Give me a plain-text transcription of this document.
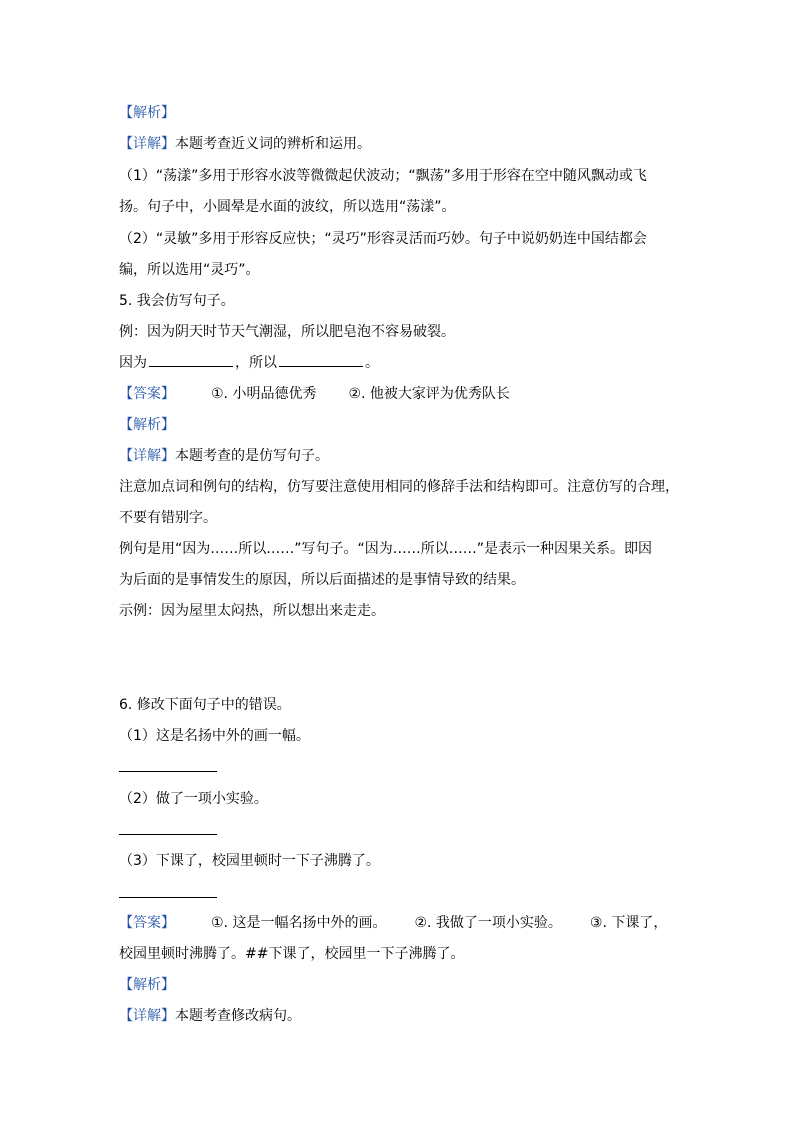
【解析】
【详解】本题考查近义词的辨析和运用。
（1）“荡漾”多用于形容水波等微微起伏波动；“飘荡”多用于形容在空中随风飘动或飞
扬。句子中，小圆晕是水面的波纹，所以选用“荡漾”。
（2）“灵敏”多用于形容反应快；“灵巧”形容灵活而巧妙。句子中说奶奶连中国结都会
编，所以选用“灵巧”。
5. 我会仿写句子。
例：因为阴天时节天气潮湿，所以肥皂泡不容易破裂。
因为	，所以	。
【答案】	①. 小明品德优秀 ②. 他被大家评为优秀队长
【解析】
【详解】本题考查的是仿写句子。
注意加点词和例句的结构，仿写要注意使用相同的修辞手法和结构即可。注意仿写的合理，
不要有错别字。
例句是用“因为……所以……”写句子。“因为……所以……”是表示一种因果关系。即因
为后面的是事情发生的原因，所以后面描述的是事情导致的结果。
示例：因为屋里太闷热，所以想出来走走。
6. 修改下面句子中的错误。
（1）这是名扬中外的画一幅。
（2）做了一项小实验。
（3）下课了，校园里顿时一下子沸腾了。
【答案】	①. 这是一幅名扬中外的画。 ②. 我做了一项小实验。 ③. 下课了，
校园里顿时沸腾了。##下课了，校园里一下子沸腾了。
【解析】
【详解】本题考查修改病句。
